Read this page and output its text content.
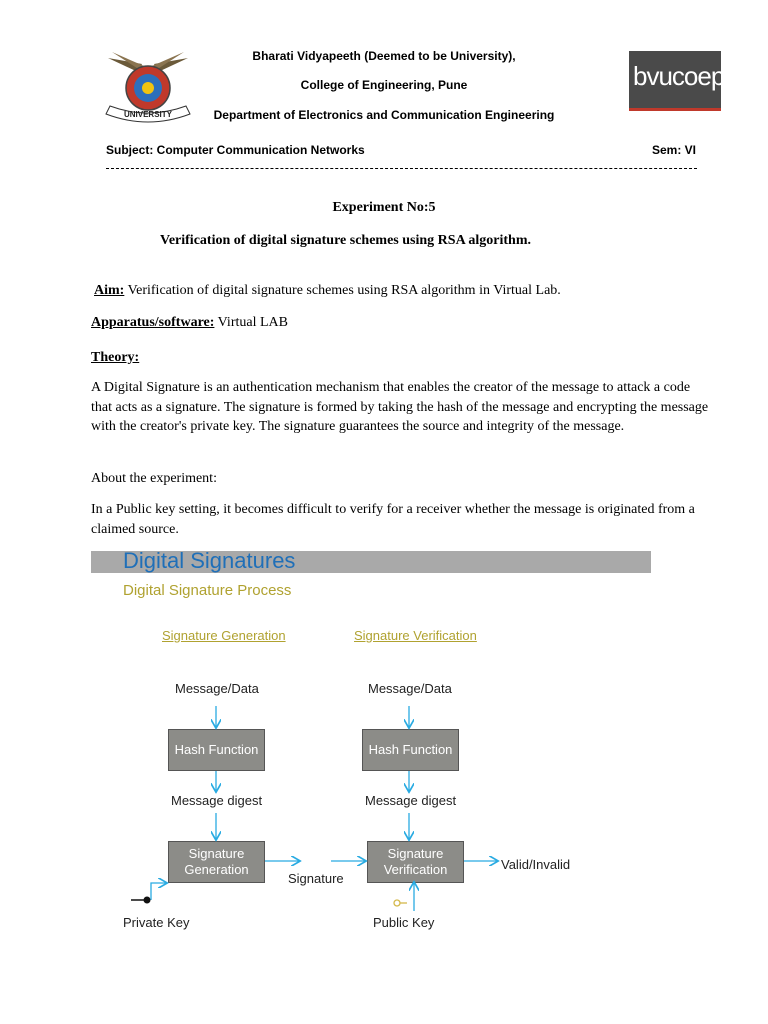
UNIVERSITY
bvucoep
Bharati Vidyapeeth (Deemed to be University),
College of Engineering, Pune
Department of Electronics and Communication Engineering
Subject: Computer Communication Networks	Sem: VI
Experiment No:5
Verification of digital signature schemes using RSA algorithm.
Aim: Verification of digital signature schemes using RSA algorithm in Virtual Lab.
Apparatus/software: Virtual LAB
Theory:
A Digital Signature is an authentication mechanism that enables the creator of the message to attack a code that acts as a signature. The signature is formed by taking the hash of the message and encrypting the message with the creator's private key. The signature guarantees the source and integrity of the message.
About the experiment:
In a Public key setting, it becomes difficult to verify for a receiver whether the message is originated from a claimed source.
Digital Signatures
Digital Signature Process
Signature Generation	Signature Verification
Message/Data	Message/Data
Hash Function	Hash Function
Message digest	Message digest
Signature Generation
Signature Verification
Signature
Valid/Invalid
Private Key	Public Key
